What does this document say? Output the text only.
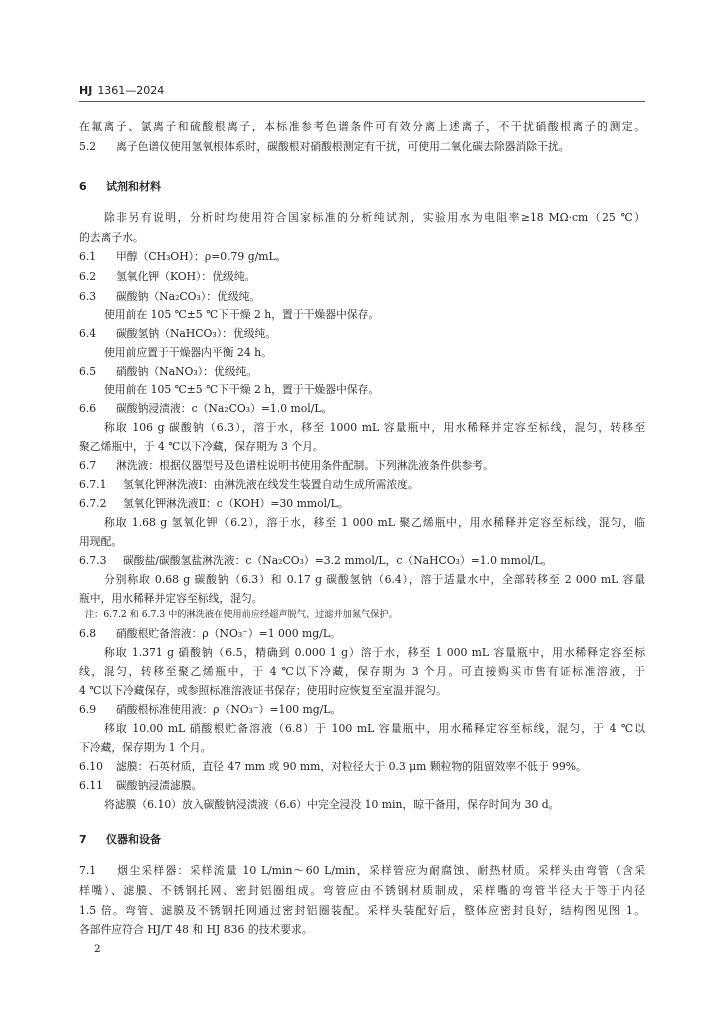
HJ 1361—2024
在氟离子、氯离子和硫酸根离子，本标准参考色谱条件可有效分离上述离子，不干扰硝酸根离子的测定。
5.2 离子色谱仪使用氢氧根体系时，碳酸根对硝酸根测定有干扰，可使用二氧化碳去除器消除干扰。
6 试剂和材料
除非另有说明，分析时均使用符合国家标准的分析纯试剂，实验用水为电阻率≥18 MΩ·cm（25 ℃）
的去离子水。
6.1 甲醇（CH₃OH）：ρ=0.79 g/mL。
6.2 氢氧化钾（KOH）：优级纯。
6.3 碳酸钠（Na₂CO₃）：优级纯。
使用前在 105 ℃±5 ℃下干燥 2 h，置于干燥器中保存。
6.4 碳酸氢钠（NaHCO₃）：优级纯。
使用前应置于干燥器内平衡 24 h。
6.5 硝酸钠（NaNO₃）：优级纯。
使用前在 105 ℃±5 ℃下干燥 2 h，置于干燥器中保存。
6.6 碳酸钠浸渍液：c（Na₂CO₃）=1.0 mol/L。
称取 106 g 碳酸钠（6.3），溶于水，移至 1000 mL 容量瓶中，用水稀释并定容至标线，混匀，转移至
聚乙烯瓶中，于 4 ℃以下冷藏，保存期为 3 个月。
6.7 淋洗液：根据仪器型号及色谱柱说明书使用条件配制。下列淋洗液条件供参考。
6.7.1 氢氧化钾淋洗液Ⅰ：由淋洗液在线发生装置自动生成所需浓度。
6.7.2 氢氧化钾淋洗液Ⅱ：c（KOH）=30 mmol/L。
称取 1.68 g 氢氧化钾（6.2），溶于水，移至 1 000 mL 聚乙烯瓶中，用水稀释并定容至标线，混匀，临
用现配。
6.7.3 碳酸盐/碳酸氢盐淋洗液：c（Na₂CO₃）=3.2 mmol/L，c（NaHCO₃）=1.0 mmol/L。
分别称取 0.68 g 碳酸钠（6.3）和 0.17 g 碳酸氢钠（6.4），溶于适量水中，全部转移至 2 000 mL 容量
瓶中，用水稀释并定容至标线，混匀。
注：6.7.2 和 6.7.3 中的淋洗液在使用前应经超声脱气、过滤并加氮气保护。
6.8 硝酸根贮备溶液：ρ（NO₃⁻）=1 000 mg/L。
称取 1.371 g 硝酸钠（6.5，精确到 0.000 1 g）溶于水，移至 1 000 mL 容量瓶中，用水稀释定容至标
线，混匀，转移至聚乙烯瓶中，于 4 ℃以下冷藏，保存期为 3 个月。可直接购买市售有证标准溶液，于
4 ℃以下冷藏保存，或参照标准溶液证书保存；使用时应恢复至室温并混匀。
6.9 硝酸根标准使用液：ρ（NO₃⁻）=100 mg/L。
移取 10.00 mL 硝酸根贮备溶液（6.8）于 100 mL 容量瓶中，用水稀释定容至标线，混匀，于 4 ℃以
下冷藏，保存期为 1 个月。
6.10 滤膜：石英材质，直径 47 mm 或 90 mm，对粒径大于 0.3 μm 颗粒物的阻留效率不低于 99%。
6.11 碳酸钠浸渍滤膜。
将滤膜（6.10）放入碳酸钠浸渍液（6.6）中完全浸没 10 min，晾干备用，保存时间为 30 d。
7 仪器和设备
7.1 烟尘采样器：采样流量 10 L/min～60 L/min，采样管应为耐腐蚀、耐热材质。采样头由弯管（含采
样嘴）、滤膜、不锈钢托网、密封铝圈组成。弯管应由不锈钢材质制成，采样嘴的弯管半径大于等于内径
1.5 倍。弯管、滤膜及不锈钢托网通过密封铝圈装配。采样头装配好后，整体应密封良好，结构图见图 1。
各部件应符合 HJ/T 48 和 HJ 836 的技术要求。
2
